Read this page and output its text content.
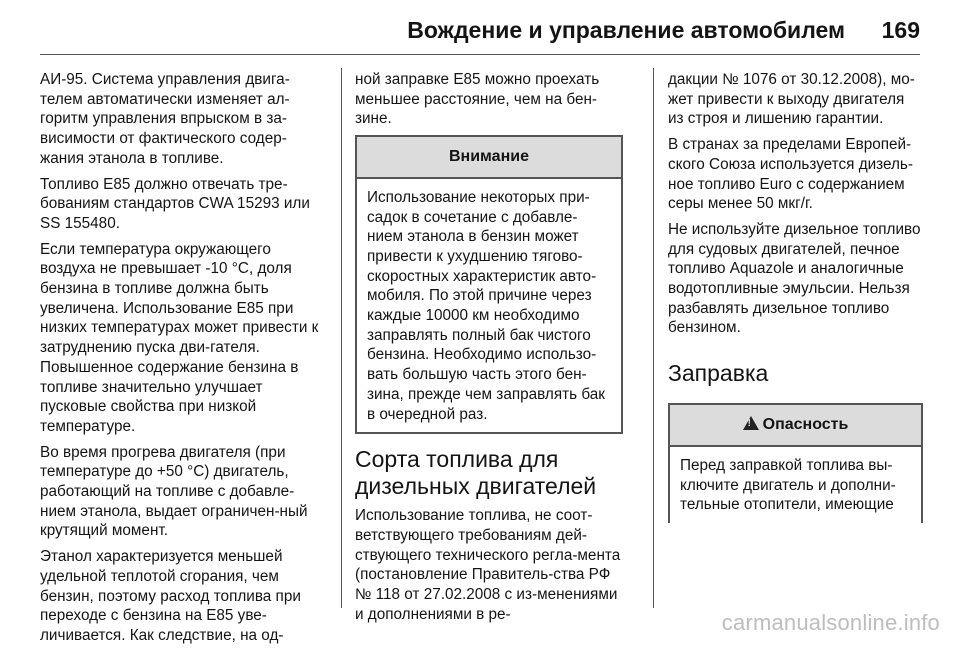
Вождение и управление автомобилем 169

АИ-95. Система управления двига-телем автоматически изменяет ал-горитм управления впрыском в за-висимости от фактического содер-жания этанола в топливе.

Топливо E85 должно отвечать тре-бованиям стандартов CWA 15293 или SS 155480.

Если температура окружающего воздуха не превышает -10 °C, доля бензина в топливе должна быть увеличена. Использование E85 при низких температурах может привести к затруднению пуска дви-гателя. Повышенное содержание бензина в топливе значительно улучшает пусковые свойства при низкой температуре.

Во время прогрева двигателя (при температуре до +50 °C) двигатель, работающий на топливе с добавле-нием этанола, выдает ограничен-ный крутящий момент.

Этанол характеризуется меньшей удельной теплотой сгорания, чем бензин, поэтому расход топлива при переходе с бензина на E85 уве-личивается. Как следствие, на од-

ной заправке E85 можно проехать меньшее расстояние, чем на бен-зине.

Внимание

Использование некоторых при-садок в сочетание с добавле-нием этанола в бензин может привести к ухудшению тягово-скоростных характеристик авто-мобиля. По этой причине через каждые 10000 км необходимо заправлять полный бак чистого бензина. Необходимо использо-вать большую часть этого бен-зина, прежде чем заправлять бак в очередной раз.

Сорта топлива для дизельных двигателей

Использование топлива, не соот-ветствующего требованиям дей-ствующего технического регла-мента (постановление Правитель-ства РФ № 118 от 27.02.2008 с из-менениями и дополнениями в ре-

дакции № 1076 от 30.12.2008), мо-жет привести к выходу двигателя из строя и лишению гарантии.

В странах за пределами Европей-ского Союза используется дизель-ное топливо Euro с содержанием серы менее 50 мкг/г.

Не используйте дизельное топливо для судовых двигателей, печное топливо Aquazole и аналогичные водотопливные эмульсии. Нельзя разбавлять дизельное топливо бензином.

Заправка
!Опасность

Перед заправкой топлива вы-ключите двигатель и дополни-тельные отопители, имеющие

carmanualsonline.info
